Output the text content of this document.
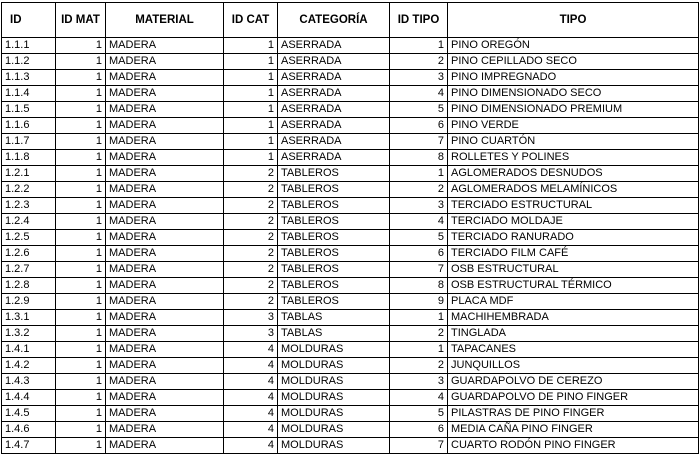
ID	ID MAT	MATERIAL	ID CAT	CATEGORÍA	ID TIPO	TIPO
1.1.1	1	MADERA	1	ASERRADA	1	PINO OREGÓN
1.1.2	1	MADERA	1	ASERRADA	2	PINO CEPILLADO SECO
1.1.3	1	MADERA	1	ASERRADA	3	PINO IMPREGNADO
1.1.4	1	MADERA	1	ASERRADA	4	PINO DIMENSIONADO SECO
1.1.5	1	MADERA	1	ASERRADA	5	PINO DIMENSIONADO PREMIUM
1.1.6	1	MADERA	1	ASERRADA	6	PINO VERDE
1.1.7	1	MADERA	1	ASERRADA	7	PINO CUARTÓN
1.1.8	1	MADERA	1	ASERRADA	8	ROLLETES Y POLINES
1.2.1	1	MADERA	2	TABLEROS	1	AGLOMERADOS DESNUDOS
1.2.2	1	MADERA	2	TABLEROS	2	AGLOMERADOS MELAMÍNICOS
1.2.3	1	MADERA	2	TABLEROS	3	TERCIADO ESTRUCTURAL
1.2.4	1	MADERA	2	TABLEROS	4	TERCIADO MOLDAJE
1.2.5	1	MADERA	2	TABLEROS	5	TERCIADO RANURADO
1.2.6	1	MADERA	2	TABLEROS	6	TERCIADO FILM CAFÉ
1.2.7	1	MADERA	2	TABLEROS	7	OSB ESTRUCTURAL
1.2.8	1	MADERA	2	TABLEROS	8	OSB ESTRUCTURAL TÉRMICO
1.2.9	1	MADERA	2	TABLEROS	9	PLACA MDF
1.3.1	1	MADERA	3	TABLAS	1	MACHIHEMBRADA
1.3.2	1	MADERA	3	TABLAS	2	TINGLADA
1.4.1	1	MADERA	4	MOLDURAS	1	TAPACANES
1.4.2	1	MADERA	4	MOLDURAS	2	JUNQUILLOS
1.4.3	1	MADERA	4	MOLDURAS	3	GUARDAPOLVO DE CEREZO
1.4.4	1	MADERA	4	MOLDURAS	4	GUARDAPOLVO DE PINO FINGER
1.4.5	1	MADERA	4	MOLDURAS	5	PILASTRAS DE PINO FINGER
1.4.6	1	MADERA	4	MOLDURAS	6	MEDIA CAÑA PINO FINGER
1.4.7	1	MADERA	4	MOLDURAS	7	CUARTO RODÓN PINO FINGER
